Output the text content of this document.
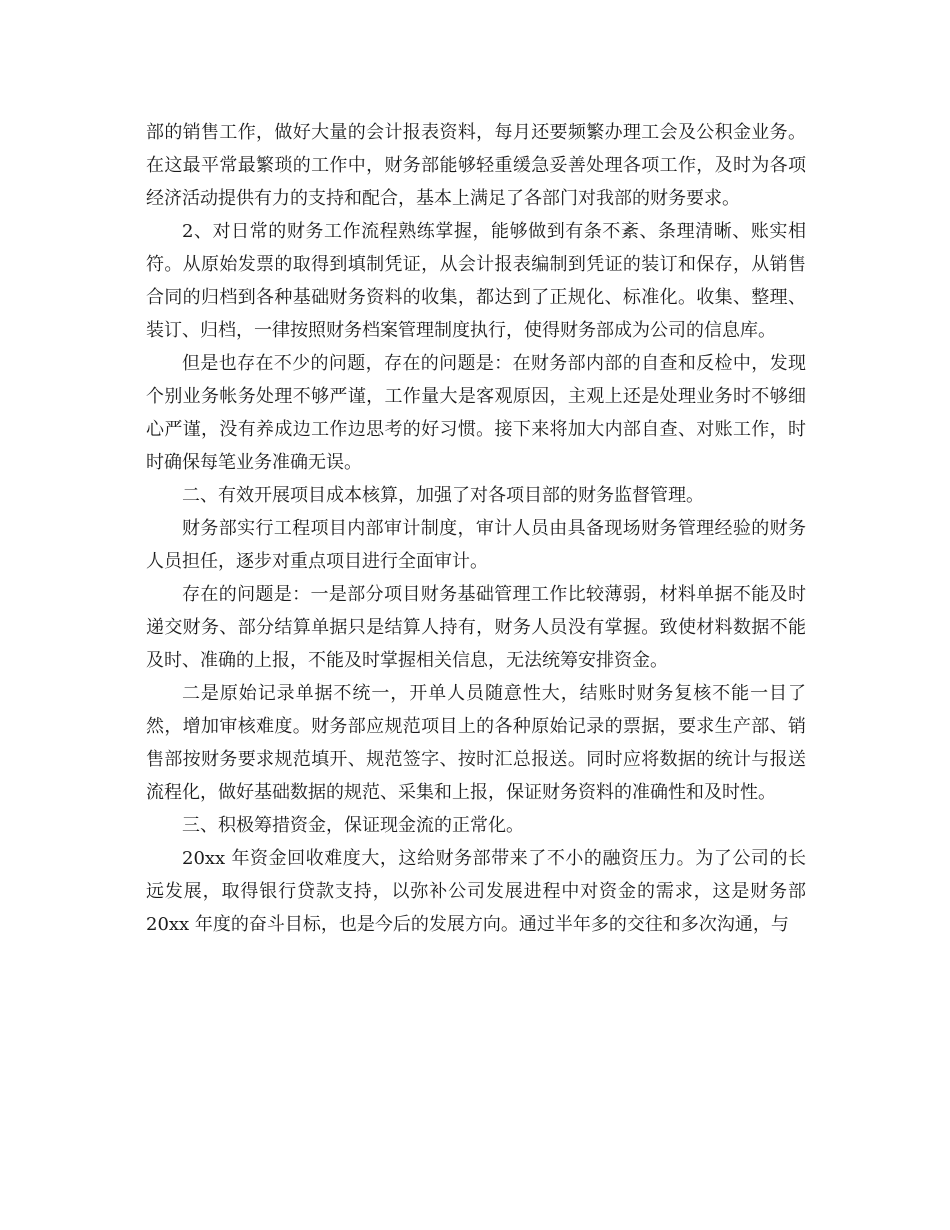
部的销售工作，做好大量的会计报表资料，每月还要频繁办理工会及公积金业务。在这最平常最繁琐的工作中，财务部能够轻重缓急妥善处理各项工作，及时为各项经济活动提供有力的支持和配合，基本上满足了各部门对我部的财务要求。

2、对日常的财务工作流程熟练掌握，能够做到有条不紊、条理清晰、账实相符。从原始发票的取得到填制凭证，从会计报表编制到凭证的装订和保存，从销售合同的归档到各种基础财务资料的收集，都达到了正规化、标准化。收集、整理、装订、归档，一律按照财务档案管理制度执行，使得财务部成为公司的信息库。

但是也存在不少的问题，存在的问题是：在财务部内部的自查和反检中，发现个别业务帐务处理不够严谨，工作量大是客观原因，主观上还是处理业务时不够细心严谨，没有养成边工作边思考的好习惯。接下来将加大内部自查、对账工作，时时确保每笔业务准确无误。

二、有效开展项目成本核算，加强了对各项目部的财务监督管理。

财务部实行工程项目内部审计制度，审计人员由具备现场财务管理经验的财务人员担任，逐步对重点项目进行全面审计。

存在的问题是：一是部分项目财务基础管理工作比较薄弱，材料单据不能及时递交财务、部分结算单据只是结算人持有，财务人员没有掌握。致使材料数据不能及时、准确的上报，不能及时掌握相关信息，无法统筹安排资金。

二是原始记录单据不统一，开单人员随意性大，结账时财务复核不能一目了然，增加审核难度。财务部应规范项目上的各种原始记录的票据，要求生产部、销售部按财务要求规范填开、规范签字、按时汇总报送。同时应将数据的统计与报送流程化，做好基础数据的规范、采集和上报，保证财务资料的准确性和及时性。

三、积极筹措资金，保证现金流的正常化。

20xx 年资金回收难度大，这给财务部带来了不小的融资压力。为了公司的长远发展，取得银行贷款支持，以弥补公司发展进程中对资金的需求，这是财务部 20xx 年度的奋斗目标，也是今后的发展方向。通过半年多的交往和多次沟通，与
